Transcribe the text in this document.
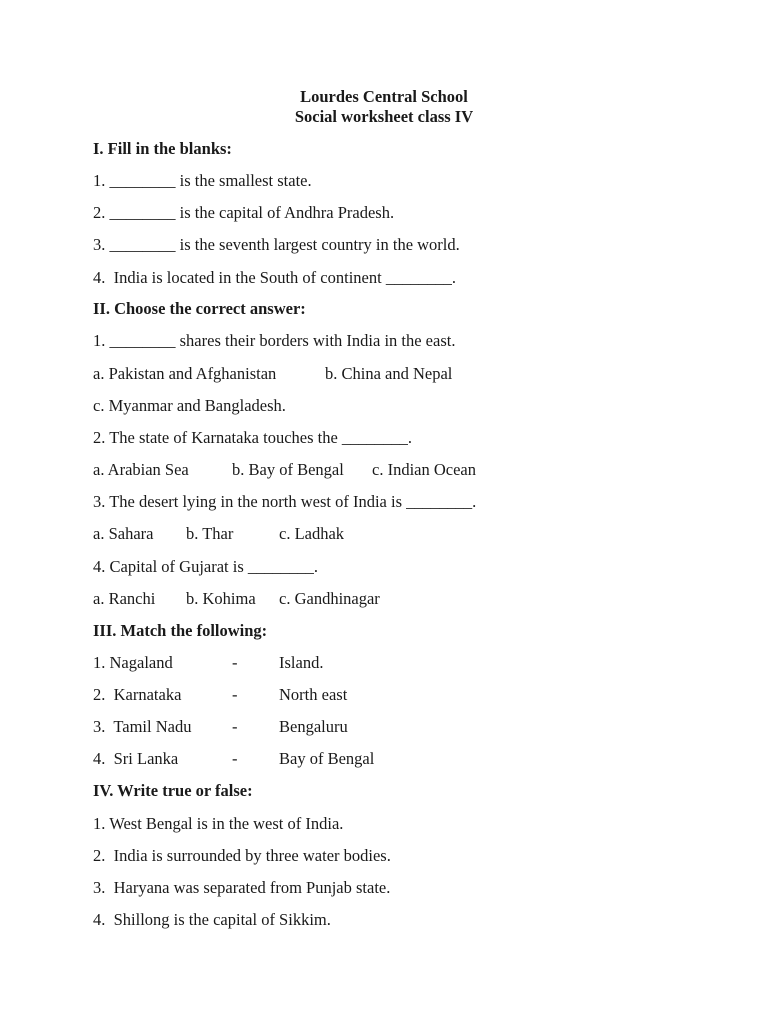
Lourdes Central School
Social worksheet class IV
I. Fill in the blanks:
1. ________ is the smallest state.
2. ________ is the capital of Andhra Pradesh.
3. ________ is the seventh largest country in the world.
4.  India is located in the South of continent ________.
II. Choose the correct answer:
1. ________ shares their borders with India in the east.
a. Pakistan and Afghanistan	b. China and Nepal
c. Myanmar and Bangladesh.
2. The state of Karnataka touches the ________.
a. Arabian Sea	b. Bay of Bengal c. Indian Ocean
3. The desert lying in the north west of India is ________.
a. Sahara b. Thar	c. Ladhak
4. Capital of Gujarat is ________.
a. Ranchi b. Kohima c. Gandhinagar
III. Match the following:
1. Nagaland	-	Island.
2.  Karnataka	-	North east
3.  Tamil Nadu -	Bengaluru
4.  Sri Lanka	-	Bay of Bengal
IV. Write true or false:
1. West Bengal is in the west of India.
2.  India is surrounded by three water bodies.
3.  Haryana was separated from Punjab state.
4.  Shillong is the capital of Sikkim.
